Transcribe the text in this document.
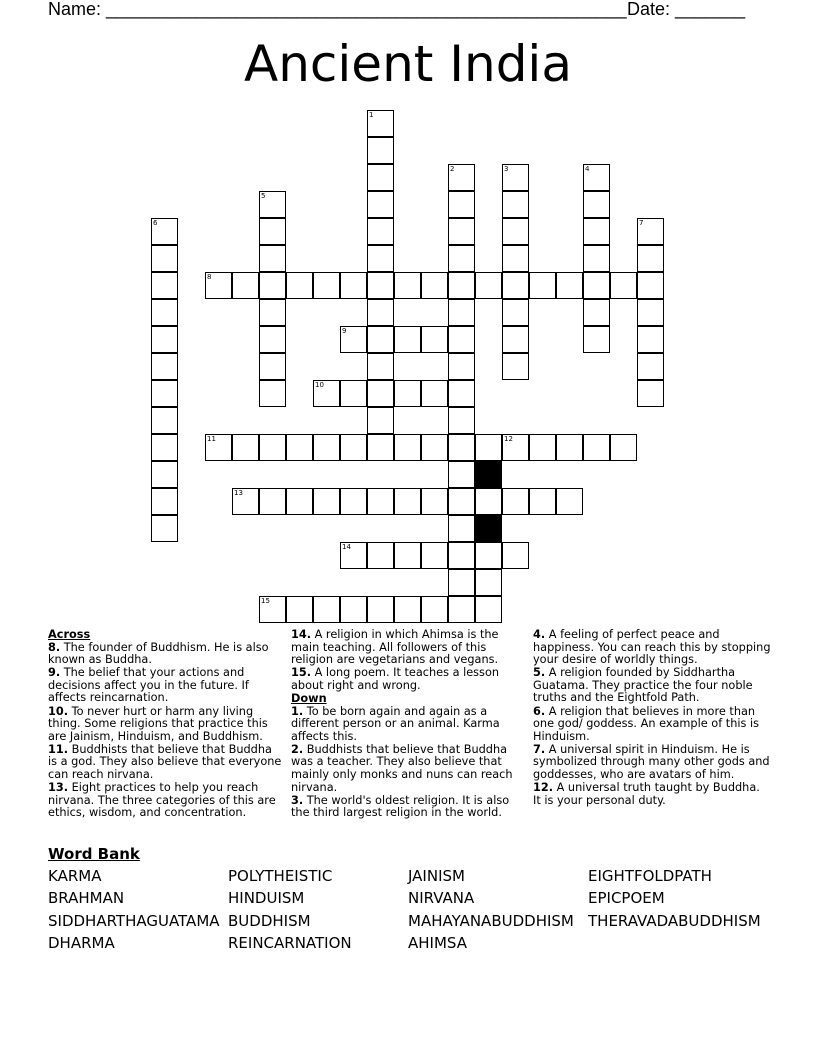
Name: ____________________________________________________ Date: _______
Ancient India
6
5
1
2	3	4
7
8
9
10
11	12
13
14
15
Across
8. The founder of Buddhism. He is also known as Buddha.
9. The belief that your actions and decisions affect you in the future. If affects reincarnation.
10. To never hurt or harm any living thing. Some religions that practice this are Jainism, Hinduism, and Buddhism.
11. Buddhists that believe that Buddha is a god. They also believe that everyone can reach nirvana.
13. Eight practices to help you reach nirvana. The three categories of this are ethics, wisdom, and concentration.
14. A religion in which Ahimsa is the main teaching. All followers of this religion are vegetarians and vegans.
15. A long poem. It teaches a lesson about right and wrong.
Down
1. To be born again and again as a different person or an animal. Karma affects this.
2. Buddhists that believe that Buddha was a teacher. They also believe that mainly only monks and nuns can reach nirvana.
3. The world's oldest religion. It is also the third largest religion in the world.
4. A feeling of perfect peace and happiness. You can reach this by stopping your desire of worldly things.
5. A religion founded by Siddhartha Guatama. They practice the four noble truths and the Eightfold Path.
6. A religion that believes in more than one god/ goddess. An example of this is Hinduism.
7. A universal spirit in Hinduism. He is symbolized through many other gods and goddesses, who are avatars of him.
12. A universal truth taught by Buddha. It is your personal duty.
Word Bank
KARMA	POLYTHEISTIC	JAINISM	EIGHTFOLDPATH
BRAHMAN	HINDUISM	NIRVANA	EPICPOEM
SIDDHARTHAGUATAMA BUDDHISM	MAHAYANABUDDHISM THERAVADABUDDHISM
DHARMA	REINCARNATION	AHIMSA
